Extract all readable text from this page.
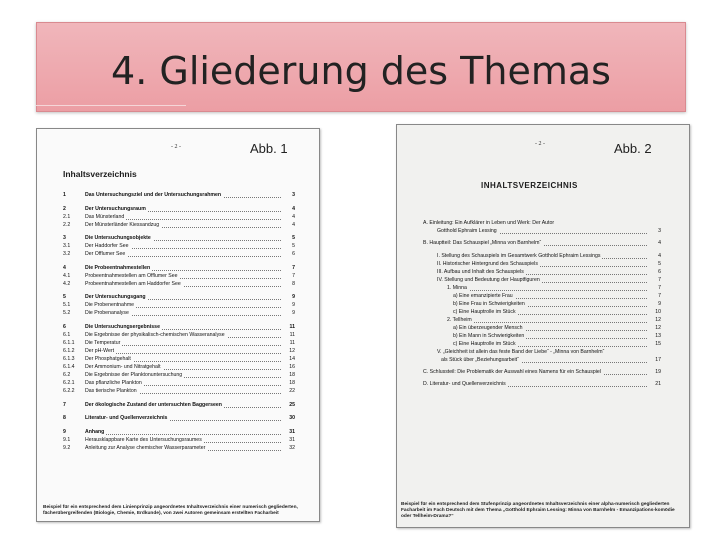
4. Gliederung des Themas
- 2 -
Inhaltsverzeichnis
1	Das Untersuchungsziel und der Untersuchungsrahmen	3
2	Der Untersuchungsraum	4
2.1	Das Münsterland	4
2.2	Der Münsterländer Kiessandzug	4
3	Die Untersuchungsobjekte	5
3.1	Der Haddorfer See	5
3.2	Der Offlumer See	6
4	Die Probeentnahmestellen	7
4.1	Probeentnahmestellen am Offlumer See	7
4.2	Probeentnahmestellen am Haddorfer See	8
5	Der Untersuchungsgang	9
5.1	Die Probenentnahme	9
5.2	Die Probenanalyse	9
6	Die Untersuchungsergebnisse	11
6.1	Die Ergebnisse der physikalisch-chemischen Wasseranalyse	11
6.1.1	Die Temperatur	11
6.1.2	Der pH-Wert	12
6.1.3	Der Phosphatgehalt	14
6.1.4	Der Ammonium- und Nitratgehalt	16
6.2	Die Ergebnisse der Planktonuntersuchung	18
6.2.1	Das pflanzliche Plankton	18
6.2.2	Das tierische Plankton	22
7	Der ökologische Zustand der untersuchten Baggerseen	25
8	Literatur- und Quellenverzeichnis	30
9	Anhang	31
9.1	Herausklappbare Karte des Untersuchungsraumes	31
9.2	Anleitung zur Analyse chemischer Wasserparameter	32
Beispiel für ein entsprechend dem Linienprinzip angeordnetes Inhaltsverzeichnis einer numerisch gegliederten, fächerübergreifenden (Biologie, Chemie, Erdkunde), von zwei Autoren gemeinsam erstellten Facharbeit
Abb. 1	- 2 -
INHALTSVERZEICHNIS
A. Einleitung: Ein Aufklärer in Leben und Werk: Der Autor
Gotthold Ephraim Lessing	3
B. Hauptteil: Das Schauspiel „Minna von Barnhelm“	4
I. Stellung des Schauspiels im Gesamtwerk Gotthold Ephraim Lessings	4
II. Historischer Hintergrund des Schauspiels	5
III. Aufbau und Inhalt des Schauspiels	6
IV. Stellung und Bedeutung der Hauptfiguren	7
1. Minna	7
a) Eine emanzipierte Frau	7
b) Eine Frau in Schwierigkeiten	9
c) Eine Hauptrolle im Stück	10
2. Tellheim	12
a) Ein überzeugender Mensch	12
b) Ein Mann in Schwierigkeiten	13
c) Eine Hauptrolle im Stück	15
V. „Gleichheit ist allein das feste Band der Liebe“ - „Minna von Barnhelm“
als Stück über „Beziehungsarbeit“	17
C. Schlussteil: Die Problematik der Auswahl eines Namens für ein Schauspiel	19
D. Literatur- und Quellenverzeichnis	21
Beispiel für ein entsprechend dem Stufenprinzip angeordnetes Inhaltsverzeichnis einer alpha-numerisch gegliederten Facharbeit im Fach Deutsch mit dem Thema „Gotthold Ephraim Lessing: Minna von Barnhelm - Emanzipations-komödie oder Tellheim-Drama?“
Abb. 2
